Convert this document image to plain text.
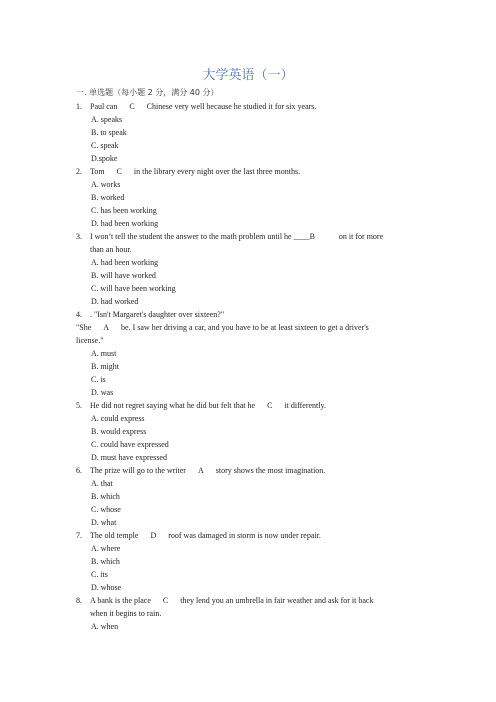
大学英语（一）
一. 单选题（每小题 2 分，满分 40 分）
1.	Paul can C Chinese very well because he studied it for six years.
A. speaks
B. to speak
C. speak
D.spoke
2.	Tom C in the library every night over the last three months.
A. works
B. worked
C. has been working
D. had been working
3.	I won’t tell the student the answer to the math problem until he ____B	on it for more
than an hour.
A. had been working
B. will have worked
C. will have been working
D. had worked
4.	. "Isn't Margaret's daughter over sixteen?"
"She A be. I saw her driving a car, and you have to be at least sixteen to get a driver's
license."
A. must
B. might
C. is
D. was
5.	He did not regret saying what he did but felt that he C it differently.
A. could express
B. would express
C. could have expressed
D. must have expressed
6.	The prize will go to the writer A story shows the most imagination.
A. that
B. which
C. whose
D. what
7.	The old temple D roof was damaged in storm is now under repair.
A. where
B. which
C. its
D. whose
8.	A bank is the place C they lend you an umbrella in fair weather and ask for it back
when it begins to rain.
A. when
